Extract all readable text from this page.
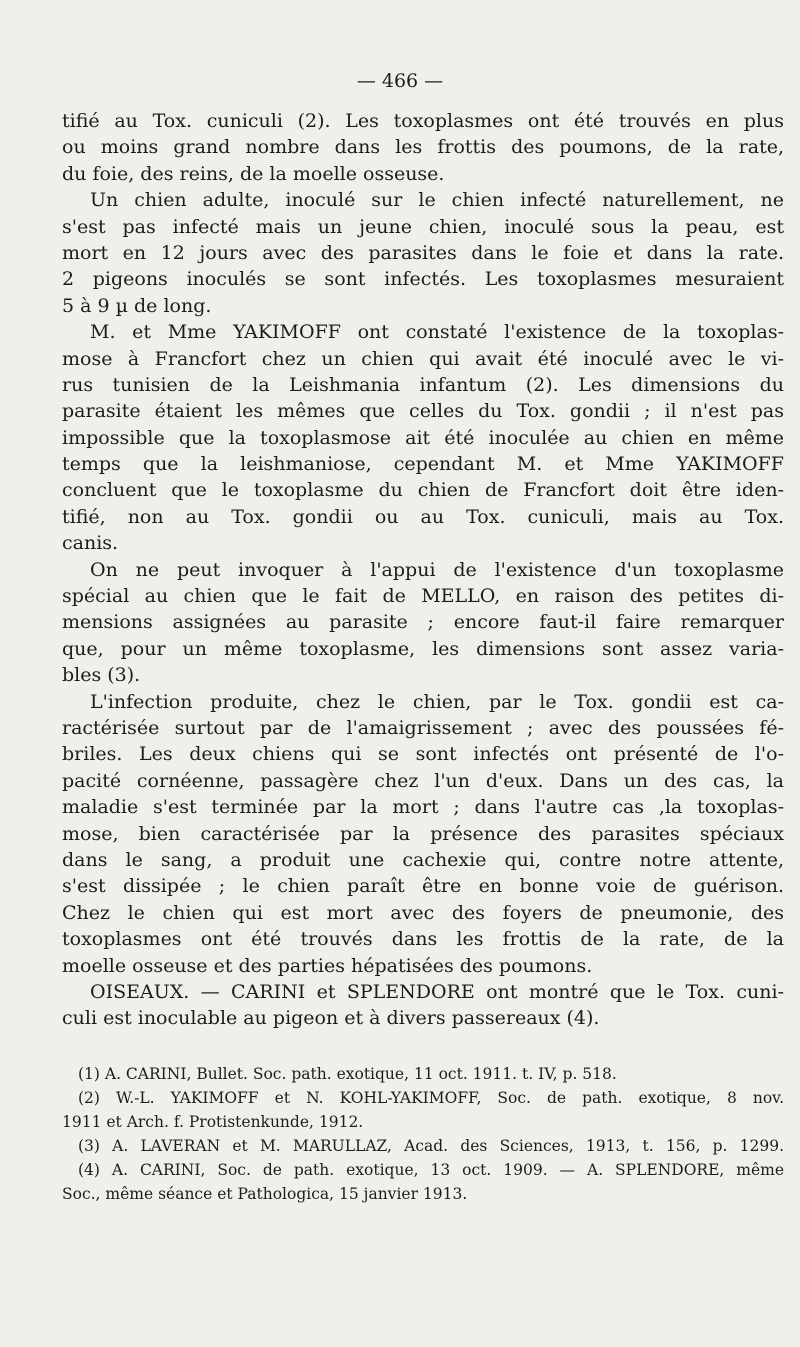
— 466 —
tifié au Tox. cuniculi (2). Les toxoplasmes ont été trouvés en plus
ou moins grand nombre dans les frottis des poumons, de la rate,
du foie, des reins, de la moelle osseuse.
Un chien adulte, inoculé sur le chien infecté naturellement, ne
s'est pas infecté mais un jeune chien, inoculé sous la peau, est
mort en 12 jours avec des parasites dans le foie et dans la rate.
2 pigeons inoculés se sont infectés. Les toxoplasmes mesuraient
5 à 9 µ de long.
M. et Mme YAKIMOFF ont constaté l'existence de la toxoplas-
mose à Francfort chez un chien qui avait été inoculé avec le vi-
rus tunisien de la Leishmania infantum (2). Les dimensions du
parasite étaient les mêmes que celles du Tox. gondii ; il n'est pas
impossible que la toxoplasmose ait été inoculée au chien en même
temps que la leishmaniose, cependant M. et Mme YAKIMOFF
concluent que le toxoplasme du chien de Francfort doit être iden-
tifié, non au Tox. gondii ou au Tox. cuniculi, mais au Tox.
canis.
On ne peut invoquer à l'appui de l'existence d'un toxoplasme
spécial au chien que le fait de MELLO, en raison des petites di-
mensions assignées au parasite ; encore faut-il faire remarquer
que, pour un même toxoplasme, les dimensions sont assez varia-
bles (3).
L'infection produite, chez le chien, par le Tox. gondii est ca-
ractérisée surtout par de l'amaigrissement ; avec des poussées fé-
briles. Les deux chiens qui se sont infectés ont présenté de l'o-
pacité cornéenne, passagère chez l'un d'eux. Dans un des cas, la
maladie s'est terminée par la mort ; dans l'autre cas ,la toxoplas-
mose, bien caractérisée par la présence des parasites spéciaux
dans le sang, a produit une cachexie qui, contre notre attente,
s'est dissipée ; le chien paraît être en bonne voie de guérison.
Chez le chien qui est mort avec des foyers de pneumonie, des
toxoplasmes ont été trouvés dans les frottis de la rate, de la
moelle osseuse et des parties hépatisées des poumons.
OISEAUX. — CARINI et SPLENDORE ont montré que le Tox. cuni-
culi est inoculable au pigeon et à divers passereaux (4).
(1) A. CARINI, Bullet. Soc. path. exotique, 11 oct. 1911. t. IV, p. 518.
(2) W.-L. YAKIMOFF et N. KOHL-YAKIMOFF, Soc. de path. exotique, 8 nov.
1911 et Arch. f. Protistenkunde, 1912.
(3) A. LAVERAN et M. MARULLAZ, Acad. des Sciences, 1913, t. 156, p. 1299.
(4) A. CARINI, Soc. de path. exotique, 13 oct. 1909. — A. SPLENDORE, même
Soc., même séance et Pathologica, 15 janvier 1913.
